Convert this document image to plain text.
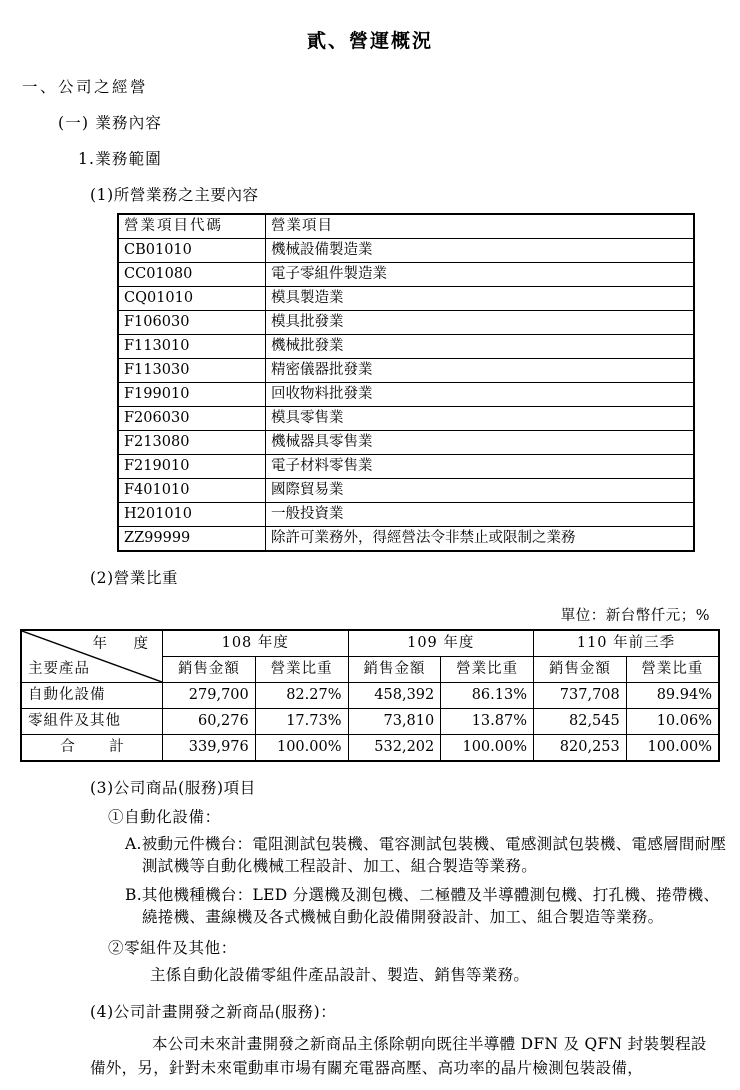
貳、營運概況
一、公司之經營
(一) 業務內容
1.業務範圍
(1)所營業務之主要內容
營業項目代碼	營業項目
CB01010	機械設備製造業
CC01080	電子零組件製造業
CQ01010	模具製造業
F106030	模具批發業
F113010	機械批發業
F113030	精密儀器批發業
F199010	回收物料批發業
F206030	模具零售業
F213080	機械器具零售業
F219010	電子材料零售業
F401010	國際貿易業
H201010	一般投資業
ZZ99999	除許可業務外，得經營法令非禁止或限制之業務
(2)營業比重
單位：新台幣仟元；%
年　度
主要產品	108 年度		109 年度		110 年前三季	
	銷售金額	營業比重	銷售金額	營業比重	銷售金額	營業比重
自動化設備	279,700	82.27%	458,392	86.13%	737,708	89.94%
零組件及其他	60,276	17.73%	73,810	13.87%	82,545	10.06%
合　計	339,976	100.00%	532,202	100.00%	820,253	100.00%
(3)公司商品(服務)項目
①自動化設備：
A.被動元件機台：電阻測試包裝機、電容測試包裝機、電感測試包裝機、電感層間耐壓測試機等自動化機械工程設計、加工、組合製造等業務。
B.其他機種機台：LED 分選機及測包機、二極體及半導體測包機、打孔機、捲帶機、繞捲機、畫線機及各式機械自動化設備開發設計、加工、組合製造等業務。
②零組件及其他：
主係自動化設備零組件產品設計、製造、銷售等業務。
(4)公司計畫開發之新商品(服務)：
本公司未來計畫開發之新商品主係除朝向既往半導體 DFN 及 QFN 封裝製程設備外，另，針對未來電動車市場有關充電器高壓、高功率的晶片檢測包裝設備，
